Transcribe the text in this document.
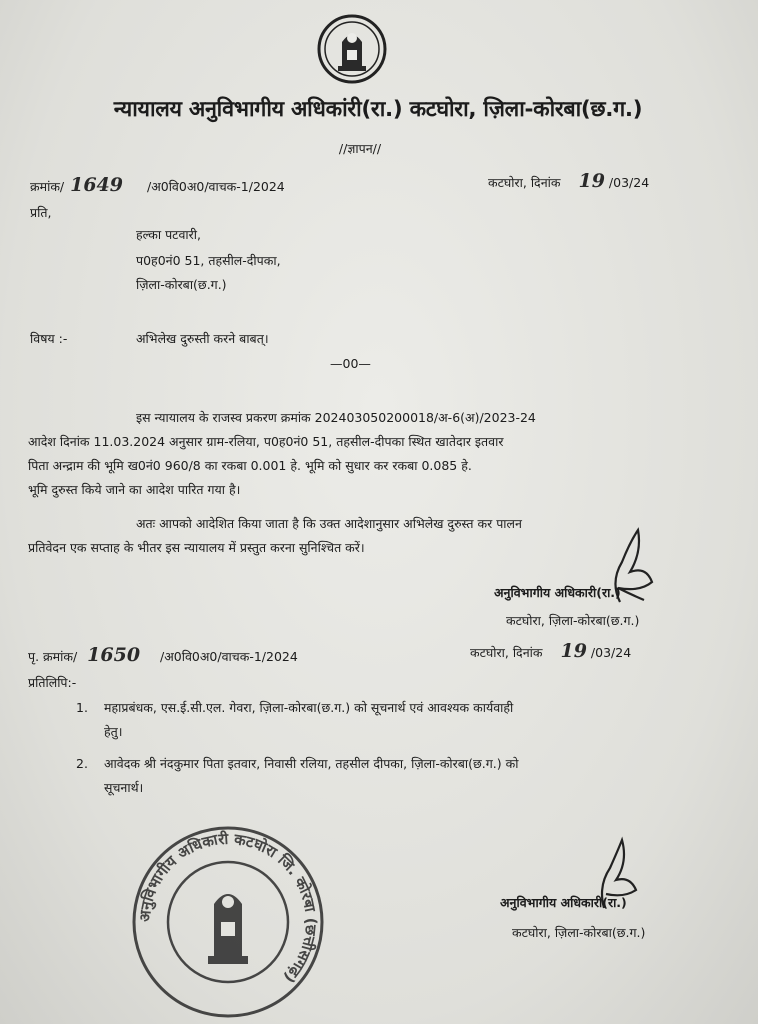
न्यायालय अनुविभागीय अधिकांरी(रा.) कटघोरा, ज़िला-कोरबा(छ.ग.)
//ज्ञापन//
क्रमांक/ 1649 /अ0वि0अ0/वाचक-1/2024	कटघोरा, दिनांक 19 /03/24
प्रति,
हल्का पटवारी,
प0ह0नं0 51, तहसील-दीपका,
ज़िला-कोरबा(छ.ग.)
विषय :-	अभिलेख दुरुस्ती करने बाबत्।
—00—
इस न्यायालय के राजस्व प्रकरण क्रमांक 202403050200018/अ-6(अ)/2023-24
आदेश दिनांक 11.03.2024 अनुसार ग्राम-रलिया, प0ह0नं0 51, तहसील-दीपका स्थित खातेदार इतवार
पिता अन्द्राम की भूमि ख0नं0 960/8 का रकबा 0.001 हे. भूमि को सुधार कर रकबा 0.085 हे.
भूमि दुरुस्त किये जाने का आदेश पारित गया है।
अतः आपको आदेशित किया जाता है कि उक्त आदेशानुसार अभिलेख दुरुस्त कर पालन
प्रतिवेदन एक सप्ताह के भीतर इस न्यायालय में प्रस्तुत करना सुनिश्चित करें।
अनुविभागीय अधिकारी(रा.)
कटघोरा, ज़िला-कोरबा(छ.ग.)
पृ. क्रमांक/ 1650 /अ0वि0अ0/वाचक-1/2024	कटघोरा, दिनांक 19 /03/24
प्रतिलिपि:-
1. महाप्रबंधक, एस.ई.सी.एल. गेवरा, ज़िला-कोरबा(छ.ग.) को सूचनार्थ एवं आवश्यक कार्यवाही
हेतु।
2. आवेदक श्री नंदकुमार पिता इतवार, निवासी रलिया, तहसील दीपका, ज़िला-कोरबा(छ.ग.) को
सूचनार्थ।
अनुविभागीय अधिकारी कटघोरा जि. कोरबा (छत्तीसगढ़)
अनुविभागीय अधिकारी(रा.)
कटघोरा, ज़िला-कोरबा(छ.ग.)
